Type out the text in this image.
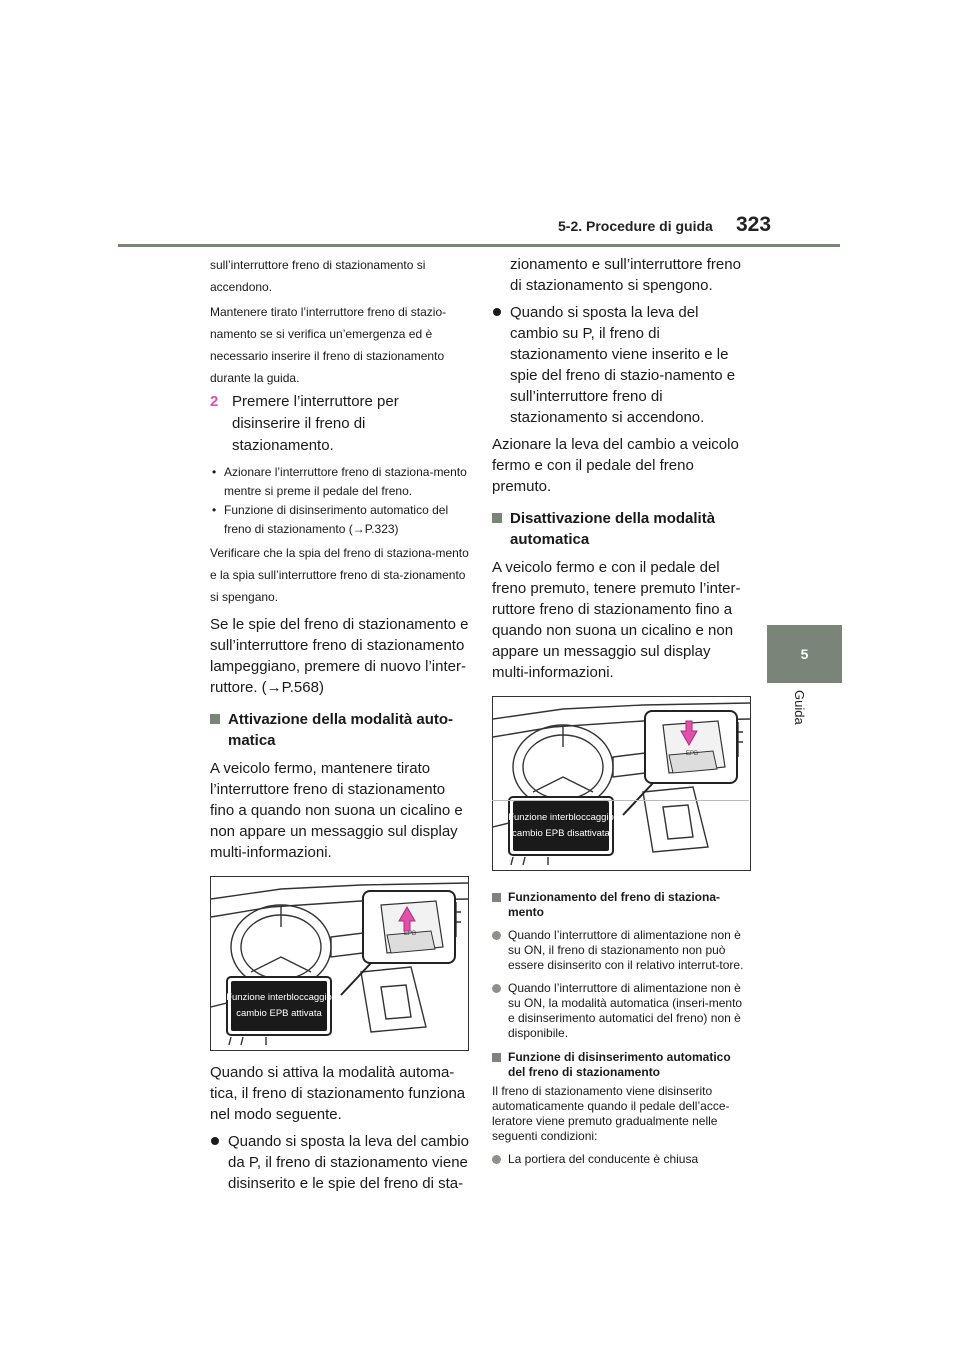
5-2. Procedure di guida 323
5
Guida

sull’interruttore freno di stazionamento si accendono.

Mantenere tirato l’interruttore freno di stazio-namento se si verifica un’emergenza ed è necessario inserire il freno di stazionamento durante la guida.

2 Premere l’interruttore per disinserire il freno di stazionamento.

• Azionare l’interruttore freno di staziona-mento mentre si preme il pedale del freno.

• Funzione di disinserimento automatico del freno di stazionamento (→P.323)

Verificare che la spia del freno di staziona-mento e la spia sull’interruttore freno di sta-zionamento si spengano.

Se le spie del freno di stazionamento e sull’interruttore freno di stazionamento lampeggiano, premere di nuovo l’inter-ruttore. (→P.568)

Attivazione della modalità auto-matica

A veicolo fermo, mantenere tirato l’interruttore freno di stazionamento fino a quando non suona un cicalino e non appare un messaggio sul display multi-informazioni.

EPB
Funzione interbloccaggio
cambio EPB attivata

Quando si attiva la modalità automa-tica, il freno di stazionamento funziona nel modo seguente.

Quando si sposta la leva del cambio da P, il freno di stazionamento viene disinserito e le spie del freno di sta-

zionamento e sull’interruttore freno di stazionamento si spengono.

Quando si sposta la leva del cambio su P, il freno di stazionamento viene inserito e le spie del freno di stazio-namento e sull’interruttore freno di stazionamento si accendono.

Azionare la leva del cambio a veicolo fermo e con il pedale del freno premuto.

Disattivazione della modalità automatica

A veicolo fermo e con il pedale del freno premuto, tenere premuto l’inter-ruttore freno di stazionamento fino a quando non suona un cicalino e non appare un messaggio sul display multi-informazioni.

EPB
Funzione interbloccaggio
cambio EPB disattivata
Funzionamento del freno di staziona-mento
Quando l’interruttore di alimentazione non è su ON, il freno di stazionamento non può essere disinserito con il relativo interrut-tore.
Quando l’interruttore di alimentazione non è su ON, la modalità automatica (inseri-mento e disinserimento automatici del freno) non è disponibile.
Funzione di disinserimento automatico del freno di stazionamento

Il freno di stazionamento viene disinserito automaticamente quando il pedale dell’acce-leratore viene premuto gradualmente nelle seguenti condizioni:

La portiera del conducente è chiusa
